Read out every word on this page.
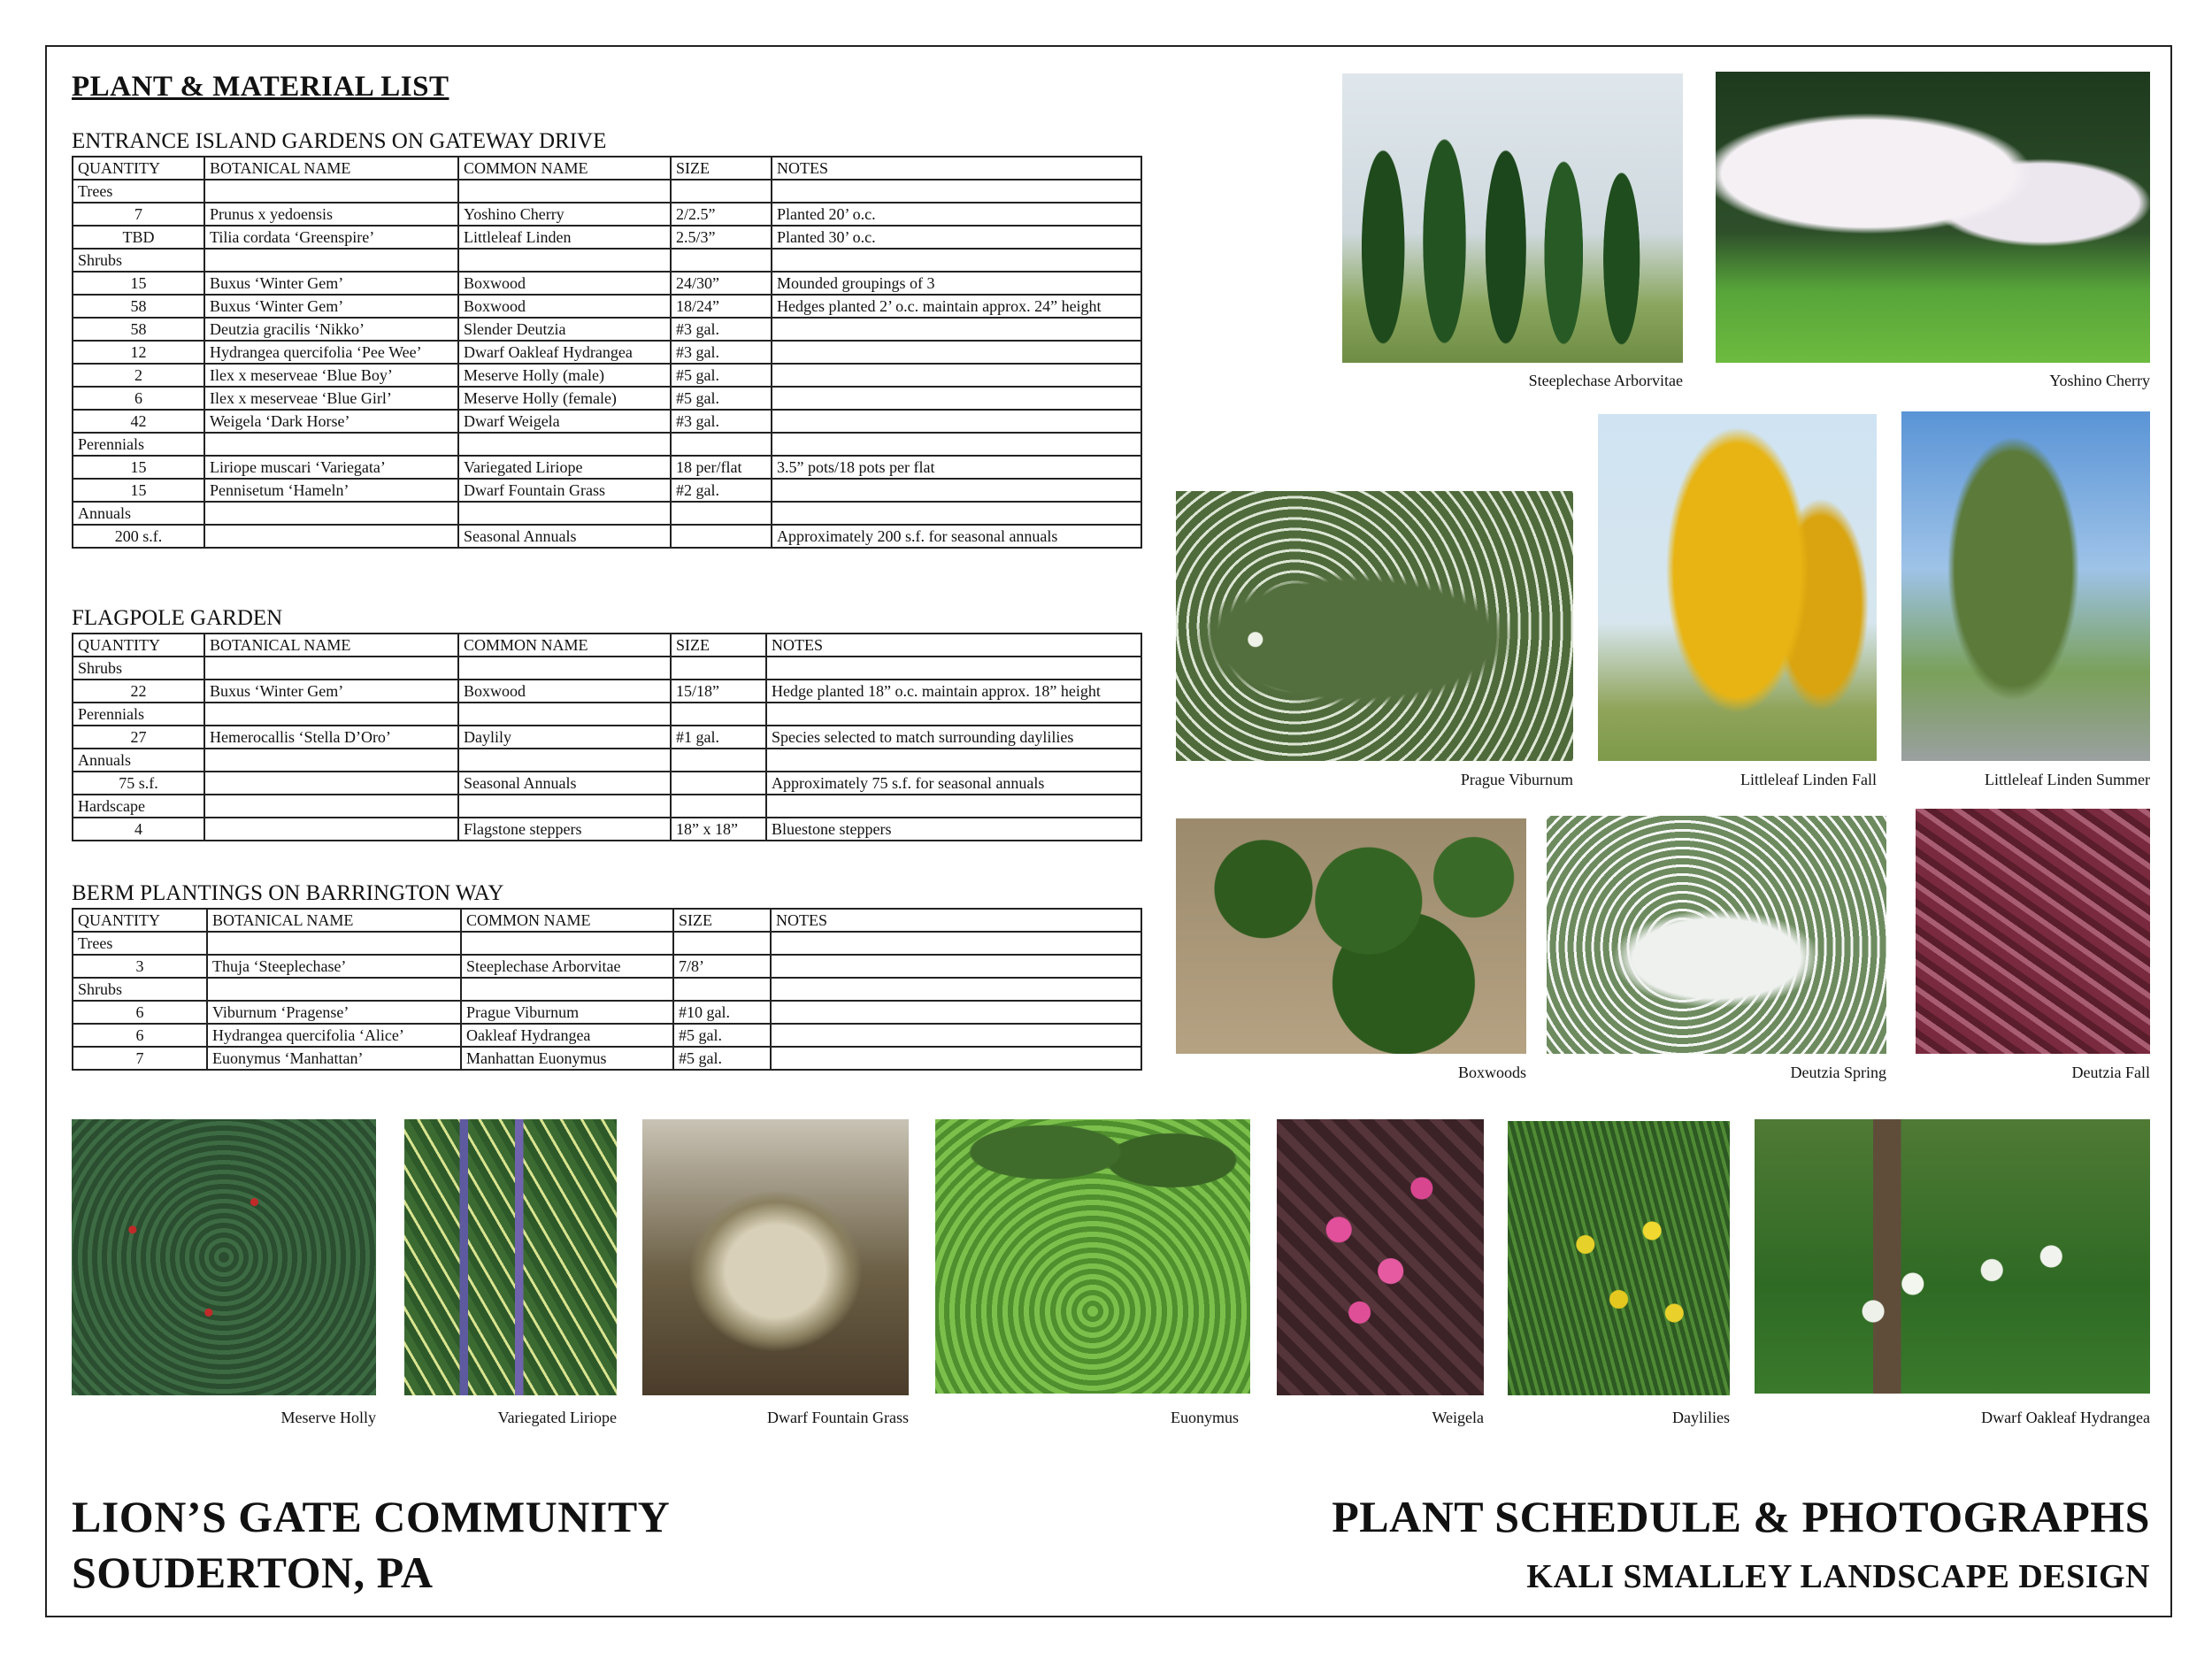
PLANT & MATERIAL LIST
ENTRANCE ISLAND GARDENS ON GATEWAY DRIVE
QUANTITY	BOTANICAL NAME	COMMON NAME	SIZE	NOTES
Trees				
7	Prunus x yedoensis	Yoshino Cherry	2/2.5”	Planted 20’ o.c.
TBD	Tilia cordata ‘Greenspire’	Littleleaf Linden	2.5/3”	Planted 30’ o.c.
Shrubs				
15	Buxus ‘Winter Gem’	Boxwood	24/30”	Mounded groupings of 3
58	Buxus ‘Winter Gem’	Boxwood	18/24”	Hedges planted 2’ o.c. maintain approx. 24” height
58	Deutzia gracilis ‘Nikko’	Slender Deutzia	#3 gal.	
12	Hydrangea quercifolia ‘Pee Wee’	Dwarf Oakleaf Hydrangea	#3 gal.	
2	Ilex x meserveae ‘Blue Boy’	Meserve Holly (male)	#5 gal.	
6	Ilex x meserveae ‘Blue Girl’	Meserve Holly (female)	#5 gal.	
42	Weigela ‘Dark Horse’	Dwarf Weigela	#3 gal.	
Perennials				
15	Liriope muscari ‘Variegata’	Variegated Liriope	18 per/flat	3.5” pots/18 pots per flat
15	Pennisetum ‘Hameln’	Dwarf Fountain Grass	#2 gal.	
Annuals				
200 s.f.		Seasonal Annuals		Approximately 200 s.f. for seasonal annuals
FLAGPOLE GARDEN
QUANTITY	BOTANICAL NAME	COMMON NAME	SIZE	NOTES
Shrubs				
22	Buxus ‘Winter Gem’	Boxwood	15/18”	Hedge planted 18” o.c. maintain approx. 18” height
Perennials				
27	Hemerocallis ‘Stella D’Oro’	Daylily	#1 gal.	Species selected to match surrounding daylilies
Annuals				
75 s.f.		Seasonal Annuals		Approximately 75 s.f. for seasonal annuals
Hardscape				
4		Flagstone steppers	18” x 18”	Bluestone steppers
BERM PLANTINGS ON BARRINGTON WAY
QUANTITY	BOTANICAL NAME	COMMON NAME	SIZE	NOTES
Trees				
3	Thuja ‘Steeplechase’	Steeplechase Arborvitae	7/8’	
Shrubs				
6	Viburnum ‘Pragense’	Prague Viburnum	#10 gal.	
6	Hydrangea quercifolia ‘Alice’	Oakleaf Hydrangea	#5 gal.	
7	Euonymus ‘Manhattan’	Manhattan Euonymus	#5 gal.	
Steeplechase Arborvitae	Yoshino Cherry
Prague Viburnum	Littleleaf Linden Fall	Littleleaf Linden Summer
Boxwoods	Deutzia Spring	Deutzia Fall
Meserve Holly	Variegated Liriope	Dwarf Fountain Grass	Euonymus	Weigela	Daylilies	Dwarf Oakleaf Hydrangea
LION’S GATE COMMUNITY
SOUDERTON, PA
PLANT SCHEDULE & PHOTOGRAPHS
KALI SMALLEY LANDSCAPE DESIGN
